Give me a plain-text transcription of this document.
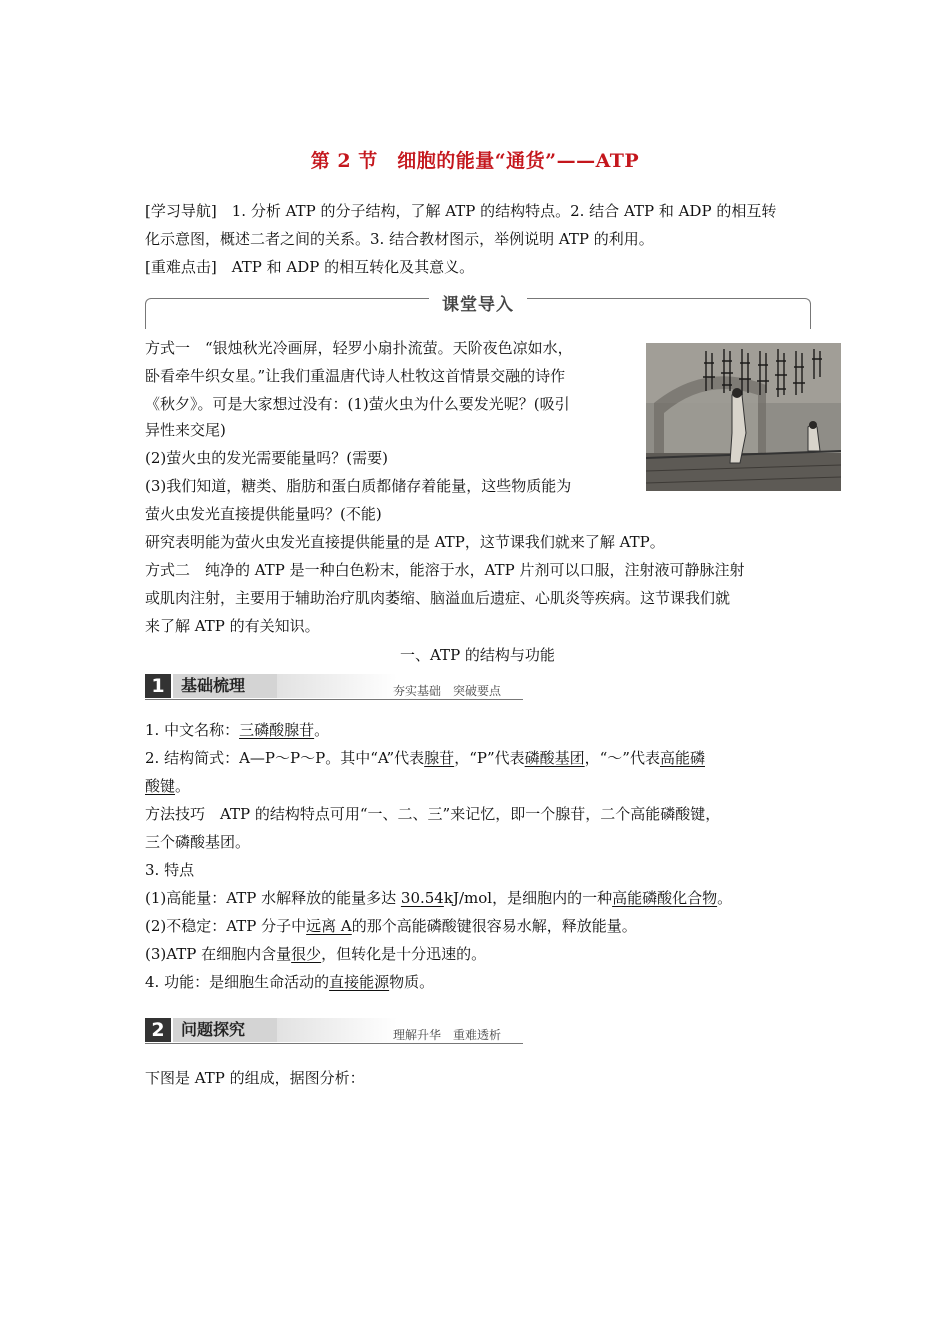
第 2 节　细胞的能量“通货”——ATP
[学习导航]　 1. 分析 ATP 的分子结构，了解 ATP 的结构特点。2. 结合 ATP 和 ADP 的相互转
化示意图，概述二者之间的关系。3. 结合教材图示，举例说明 ATP 的利用。
[重难点击]　 ATP 和 ADP 的相互转化及其意义。
课堂导入
方式一　“银烛秋光冷画屏，轻罗小扇扑流萤。天阶夜色凉如水，
卧看牵牛织女星。”让我们重温唐代诗人杜牧这首情景交融的诗作
《秋夕》。可是大家想过没有：(1)萤火虫为什么要发光呢？(吸引
异性来交尾)
(2)萤火虫的发光需要能量吗？(需要)
(3)我们知道，糖类、脂肪和蛋白质都储存着能量，这些物质能为
萤火虫发光直接提供能量吗？(不能)
研究表明能为萤火虫发光直接提供能量的是 ATP，这节课我们就来了解 ATP。
方式二　纯净的 ATP 是一种白色粉末，能溶于水，ATP 片剂可以口服，注射液可静脉注射
或肌肉注射，主要用于辅助治疗肌肉萎缩、脑溢血后遗症、心肌炎等疾病。这节课我们就
来了解 ATP 的有关知识。
一、ATP 的结构与功能
1	基础梳理	夯实基础　突破要点
1. 中文名称：三磷酸腺苷。
2. 结构简式：A—P～P～P。其中“A”代表腺苷，“P”代表磷酸基团，“～”代表高能磷
酸键。
方法技巧　ATP 的结构特点可用“一、二、三”来记忆，即一个腺苷，二个高能磷酸键，
三个磷酸基团。
3. 特点
(1)高能量：ATP 水解释放的能量多达 30.54kJ/mol，是细胞内的一种高能磷酸化合物。
(2)不稳定：ATP 分子中远离 A的那个高能磷酸键很容易水解，释放能量。
(3)ATP 在细胞内含量很少，但转化是十分迅速的。
4. 功能：是细胞生命活动的直接能源物质。
2	问题探究	理解升华　重难透析
下图是 ATP 的组成，据图分析：
